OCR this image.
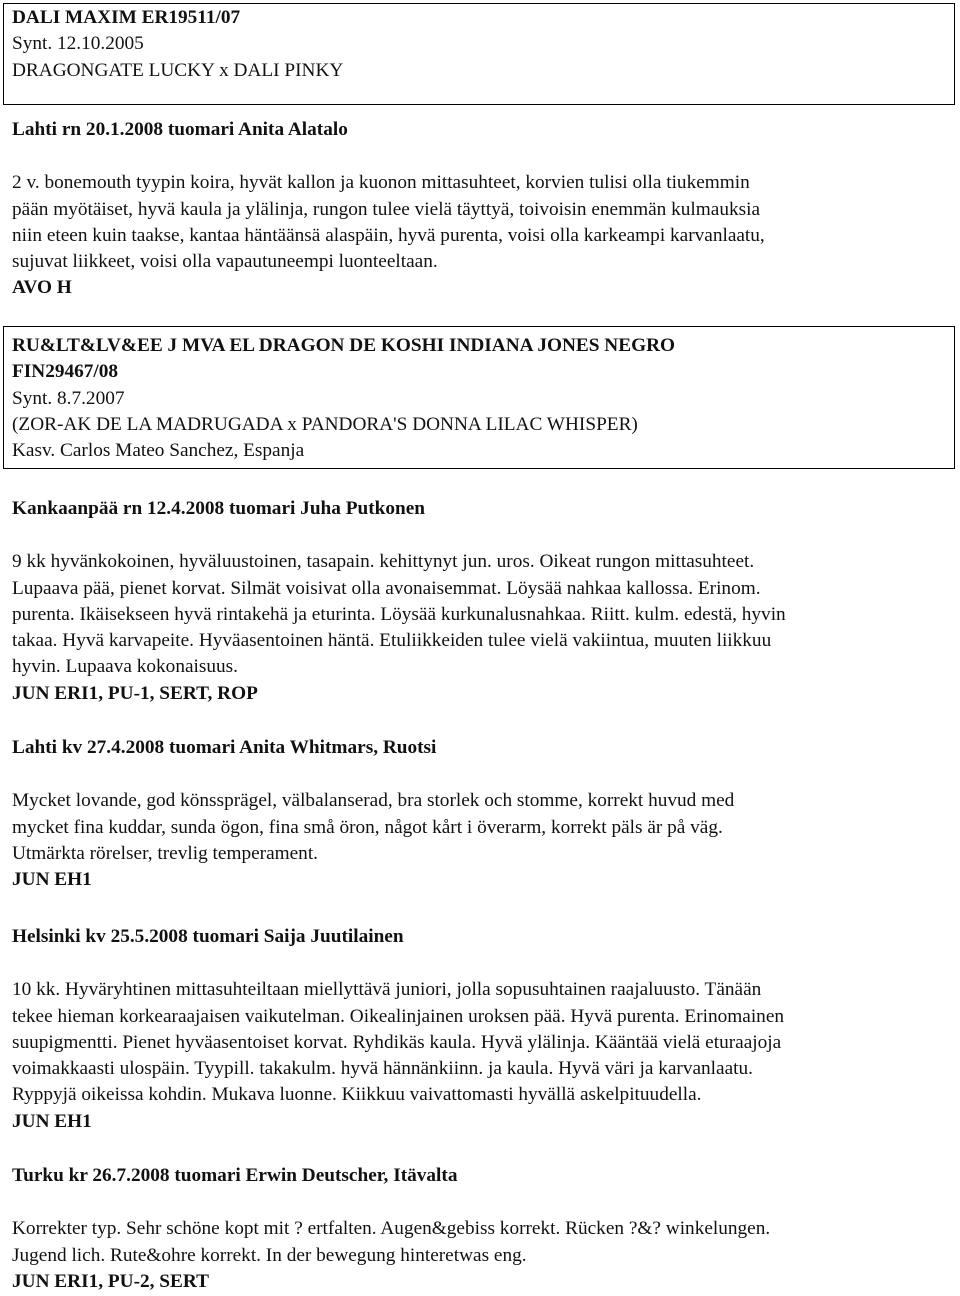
DALI MAXIM ER19511/07
Synt. 12.10.2005
DRAGONGATE LUCKY x DALI PINKY
Lahti rn 20.1.2008 tuomari Anita Alatalo
2 v. bonemouth tyypin koira, hyvät kallon ja kuonon mittasuhteet, korvien tulisi olla tiukemmin
pään myötäiset, hyvä kaula ja ylälinja, rungon tulee vielä täyttyä, toivoisin enemmän kulmauksia
niin eteen kuin taakse, kantaa häntäänsä alaspäin, hyvä purenta, voisi olla karkeampi karvanlaatu,
sujuvat liikkeet, voisi olla vapautuneempi luonteeltaan.
AVO H
RU&LT&LV&EE J MVA EL DRAGON DE KOSHI INDIANA JONES NEGRO
FIN29467/08
Synt. 8.7.2007
(ZOR-AK DE LA MADRUGADA x PANDORA'S DONNA LILAC WHISPER)
Kasv. Carlos Mateo Sanchez, Espanja
Kankaanpää rn 12.4.2008 tuomari Juha Putkonen
9 kk hyvänkokoinen, hyväluustoinen, tasapain. kehittynyt jun. uros. Oikeat rungon mittasuhteet.
Lupaava pää, pienet korvat. Silmät voisivat olla avonaisemmat. Löysää nahkaa kallossa. Erinom.
purenta. Ikäisekseen hyvä rintakehä ja eturinta. Löysää kurkunalusnahkaa. Riitt. kulm. edestä, hyvin
takaa. Hyvä karvapeite. Hyväasentoinen häntä. Etuliikkeiden tulee vielä vakiintua, muuten liikkuu
hyvin. Lupaava kokonaisuus.
JUN ERI1, PU-1, SERT, ROP
Lahti kv 27.4.2008 tuomari Anita Whitmars, Ruotsi
Mycket lovande, god könssprägel, välbalanserad, bra storlek och stomme, korrekt huvud med
mycket fina kuddar, sunda ögon, fina små öron, något kårt i överarm, korrekt päls är på väg.
Utmärkta rörelser, trevlig temperament.
JUN EH1
Helsinki kv 25.5.2008 tuomari Saija Juutilainen
10 kk. Hyväryhtinen mittasuhteiltaan miellyttävä juniori, jolla sopusuhtainen raajaluusto. Tänään
tekee hieman korkearaajaisen vaikutelman. Oikealinjainen uroksen pää. Hyvä purenta. Erinomainen
suupigmentti. Pienet hyväasentoiset korvat. Ryhdikäs kaula. Hyvä ylälinja. Kääntää vielä eturaajoja
voimakkaasti ulospäin. Tyypill. takakulm. hyvä hännänkiinn. ja kaula. Hyvä väri ja karvanlaatu.
Ryppyjä oikeissa kohdin. Mukava luonne. Kiikkuu vaivattomasti hyvällä askelpituudella.
JUN EH1
Turku kr 26.7.2008 tuomari Erwin Deutscher, Itävalta
Korrekter typ. Sehr schöne kopt mit ? ertfalten. Augen&gebiss korrekt. Rücken ?&? winkelungen.
Jugend lich. Rute&ohre korrekt. In der bewegung hinteretwas eng.
JUN ERI1, PU-2, SERT
